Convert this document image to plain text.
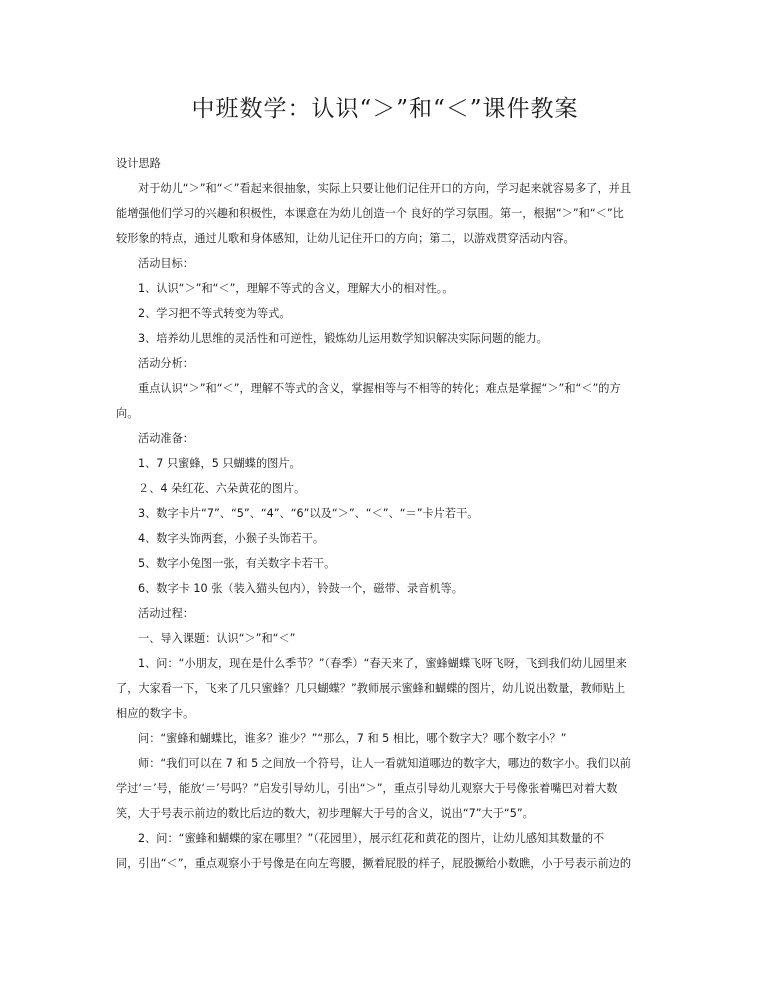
中班数学：认识“＞”和“＜”课件教案

设计思路

对于幼儿“＞”和“＜”看起来很抽象，实际上只要让他们记住开口的方向，学习起来就容易多了，并且

能增强他们学习的兴趣和积极性，本课意在为幼儿创造一个 良好的学习氛围。第一，根据“＞”和“＜”比

较形象的特点，通过儿歌和身体感知，让幼儿记住开口的方向；第二，以游戏贯穿活动内容。

活动目标：

1、认识“＞”和“＜”，理解不等式的含义，理解大小的相对性。。

2、学习把不等式转变为等式。

3、培养幼儿思维的灵活性和可逆性，锻炼幼儿运用数学知识解决实际问题的能力。

活动分析：

重点认识“＞”和“＜”，理解不等式的含义，掌握相等与不相等的转化；难点是掌握“＞”和“＜”的方

向。

活动准备：

1、7 只蜜蜂，5 只蝴蝶的图片。

２、4 朵红花、六朵黄花的图片。

3、数字卡片“7”、“5”、“4”、“6”以及“＞”、“＜”、“＝”卡片若干。

4、数字头饰两套，小猴子头饰若干。

5、数字小兔图一张，有关数字卡若干。

6、数字卡 10 张（装入猫头包内），铃鼓一个，磁带、录音机等。

活动过程：

一、导入课题：认识“＞”和“＜”

1、问：“小朋友，现在是什么季节？”（春季）“春天来了，蜜蜂蝴蝶飞呀飞呀，飞到我们幼儿园里来

了，大家看一下，飞来了几只蜜蜂？几只蝴蝶？”教师展示蜜蜂和蝴蝶的图片，幼儿说出数量，教师贴上

相应的数字卡。

问：“蜜蜂和蝴蝶比，谁多？谁少？”“那么，7 和 5 相比，哪个数字大？哪个数字小？”

师：“我们可以在 7 和 5 之间放一个符号，让人一看就知道哪边的数字大，哪边的数字小。我们以前

学过‘＝’号，能放‘＝’号吗？”启发引导幼儿，引出“＞”，重点引导幼儿观察大于号像张着嘴巴对着大数

笑，大于号表示前边的数比后边的数大，初步理解大于号的含义，说出“7”大于“5”。

2、问：“蜜蜂和蝴蝶的家在哪里？”（花园里），展示红花和黄花的图片，让幼儿感知其数量的不

同，引出“＜”，重点观察小于号像是在向左弯腰，撅着屁股的样子，屁股撅给小数瞧，小于号表示前边的
